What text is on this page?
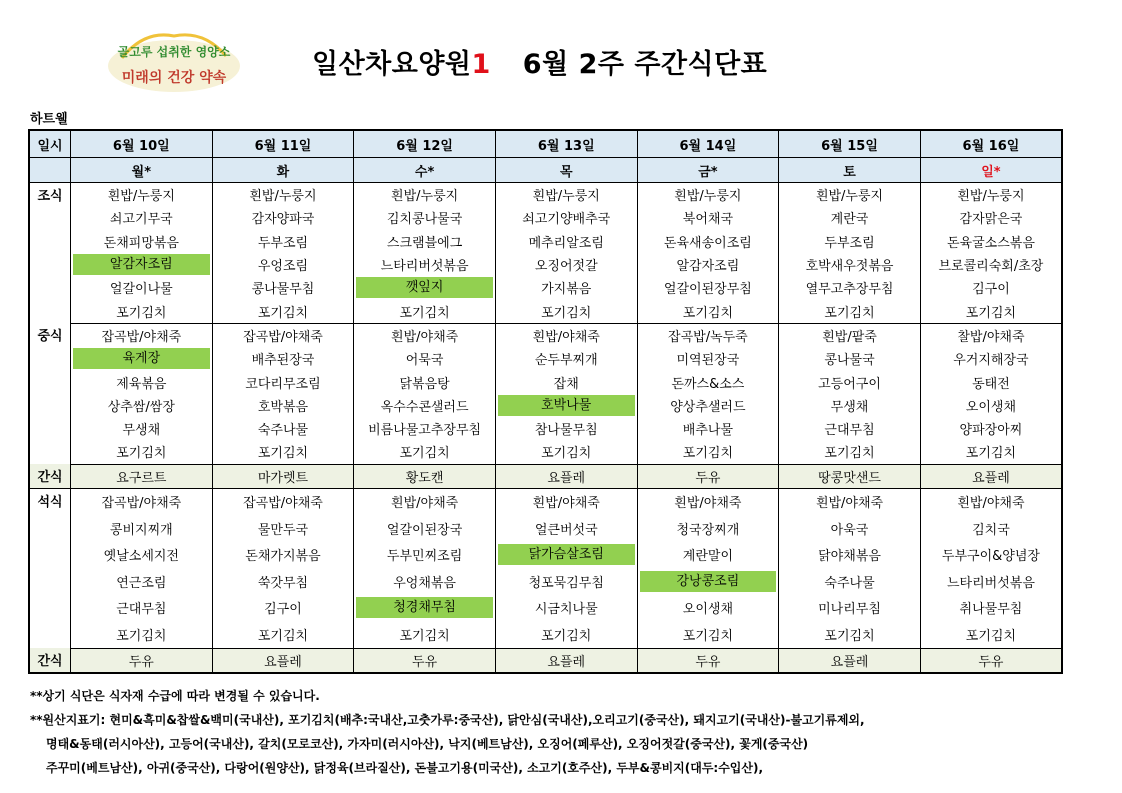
골고루 섭취한 영양소
미래의 건강 약속	일산차요양원1 6월 2주 주간식단표
하트웰
일시	6월 10일	6월 11일	6월 12일	6월 13일	6월 14일	6월 15일	6월 16일
	월*	화	수*	목	금*	토	일*
조식	흰밥/누룽지	흰밥/누룽지	흰밥/누룽지	흰밥/누룽지	흰밥/누룽지	흰밥/누룽지	흰밥/누룽지
	쇠고기무국	감자양파국	김치콩나물국	쇠고기양배추국	북어채국	계란국	감자맑은국
	돈채피망볶음	두부조림	스크램블에그	메추리알조림	돈육새송이조림	두부조림	돈육굴소스볶음

	알감자조림	우엉조림	느타리버섯볶음	오징어젓갈	알감자조림	호박새우젓볶음	브로콜리숙회/초장
	얼갈이나물	콩나물무침	깻잎지	가지볶음	얼갈이된장무침	열무고추장무침	김구이
	포기김치	포기김치	포기김치	포기김치	포기김치	포기김치	포기김치
중식	잡곡밥/야채죽	잡곡밥/야채죽	흰밥/야채죽	흰밥/야채죽	잡곡밥/녹두죽	흰밥/팥죽	찰밥/야채죽

	육게장	배추된장국	어묵국	순두부찌개	미역된장국	콩나물국	우거지해장국
	제육볶음	코다리무조림	닭볶음탕	잡채	돈까스&소스	고등어구이	동태전
	상추쌈/쌈장	호박볶음	옥수수콘샐러드	호박나물	양상추샐러드	무생채	오이생채
	무생채	숙주나물	비름나물고추장무침	참나물무침	배추나물	근대무침	양파장아찌
	포기김치	포기김치	포기김치	포기김치	포기김치	포기김치	포기김치
간식	요구르트	마가렛트	황도캔	요플레	두유	땅콩맛샌드	요플레
석식	잡곡밥/야채죽	잡곡밥/야채죽	흰밥/야채죽	흰밥/야채죽	흰밥/야채죽	흰밥/야채죽	흰밥/야채죽
	콩비지찌개	물만두국	얼갈이된장국	얼큰버섯국	청국장찌개	아욱국	김치국
	옛날소세지전	돈채가지볶음	두부민찌조림	닭가슴살조림	계란말이	닭야채볶음	두부구이&양념장
	연근조림	쑥갓무침	우엉채볶음	청포묵김무침	강낭콩조림	숙주나물	느타리버섯볶음
	근대무침	김구이	청경채무침	시금치나물	오이생채	미나리무침	취나물무침
	포기김치	포기김치	포기김치	포기김치	포기김치	포기김치	포기김치
간식	두유	요플레	두유	요플레	두유	요플레	두유
**상기 식단은 식자재 수급에 따라 변경될 수 있습니다.
**원산지표기: 현미&흑미&찹쌀&백미(국내산), 포기김치(배추:국내산,고춧가루:중국산), 닭안심(국내산),오리고기(중국산), 돼지고기(국내산)-불고기류제외,
명태&동태(러시아산), 고등어(국내산), 갈치(모로코산), 가자미(러시아산), 낙지(베트남산), 오징어(페루산), 오징어젓갈(중국산), 꽃게(중국산)
주꾸미(베트남산), 아귀(중국산), 다랑어(원양산), 닭정육(브라질산), 돈불고기용(미국산), 소고기(호주산), 두부&콩비지(대두:수입산),
